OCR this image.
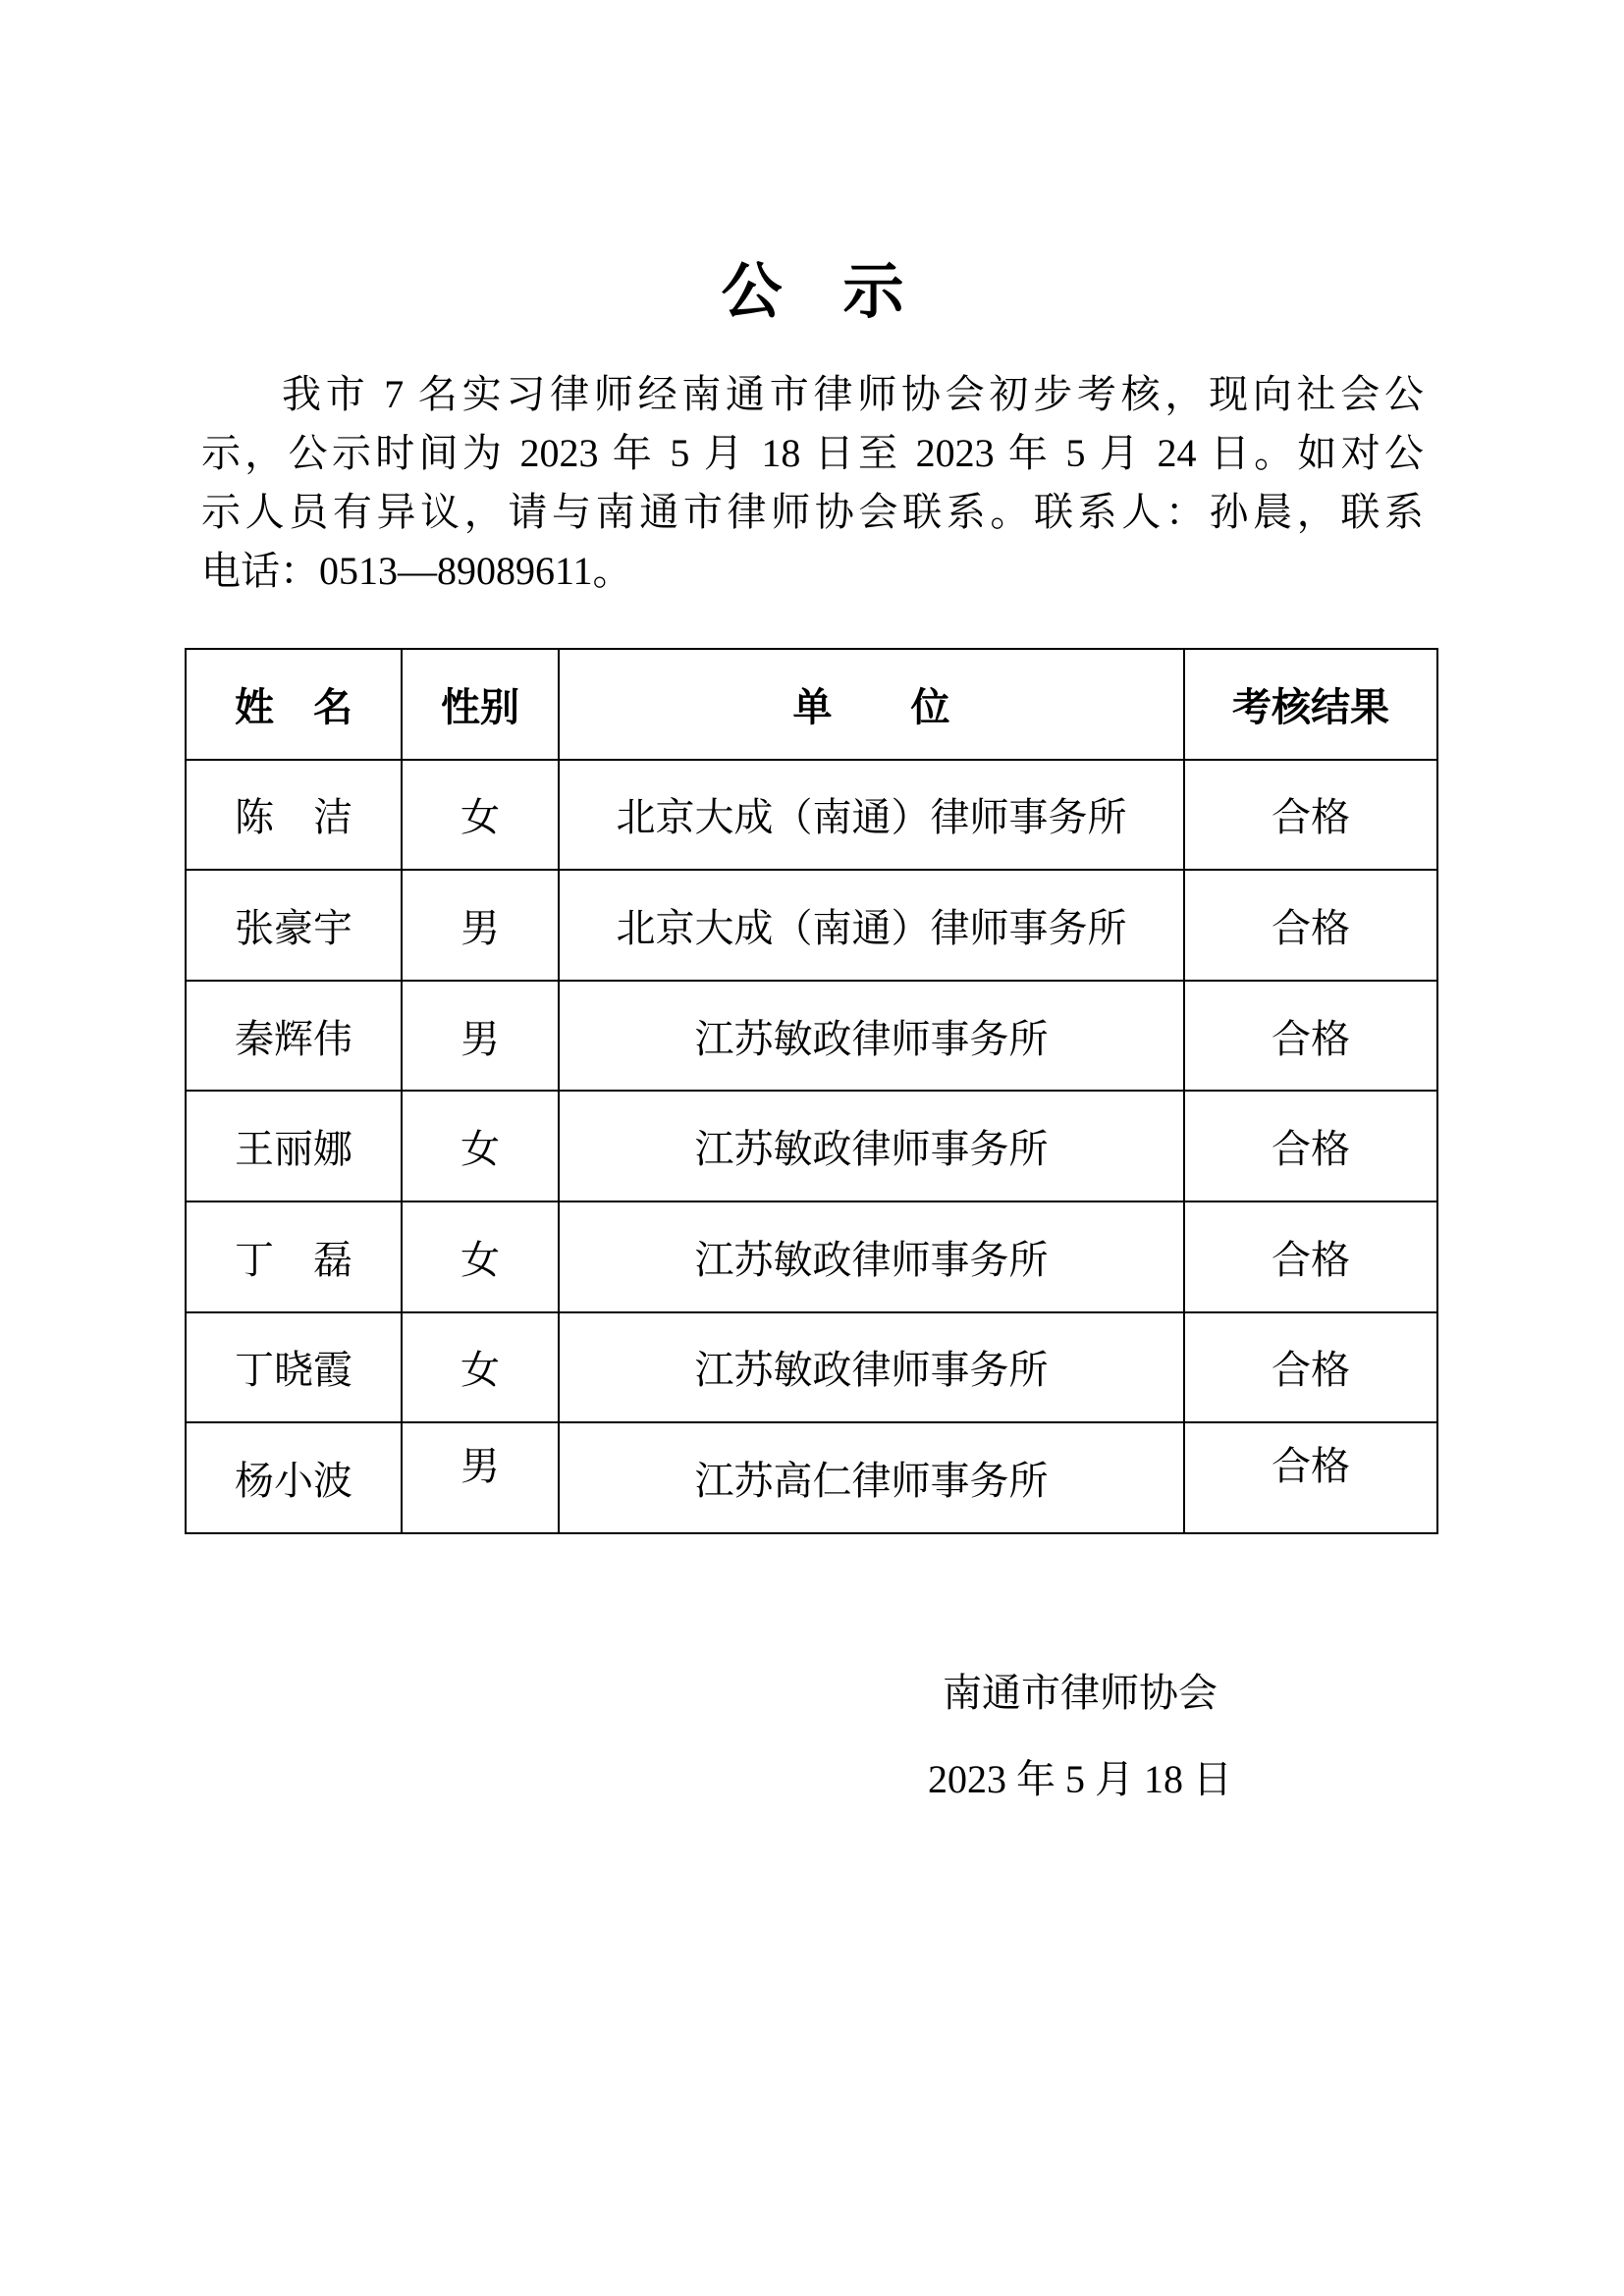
公　示
我市 7 名实习律师经南通市律师协会初步考核，现向社会公
示，公示时间为 2023 年 5 月 18 日至 2023 年 5 月 24 日。如对公
示人员有异议，请与南通市律师协会联系。联系人：孙晨，联系
电话：0513—89089611。
姓　名	性别	单　　位	考核结果
陈　洁	女	北京大成（南通）律师事务所	合格
张豪宇	男	北京大成（南通）律师事务所	合格
秦辉伟	男	江苏敏政律师事务所	合格
王丽娜	女	江苏敏政律师事务所	合格
丁　磊	女	江苏敏政律师事务所	合格
丁晓霞	女	江苏敏政律师事务所	合格
杨小波	男	江苏高仁律师事务所	合格
南通市律师协会
2023 年 5 月 18 日
